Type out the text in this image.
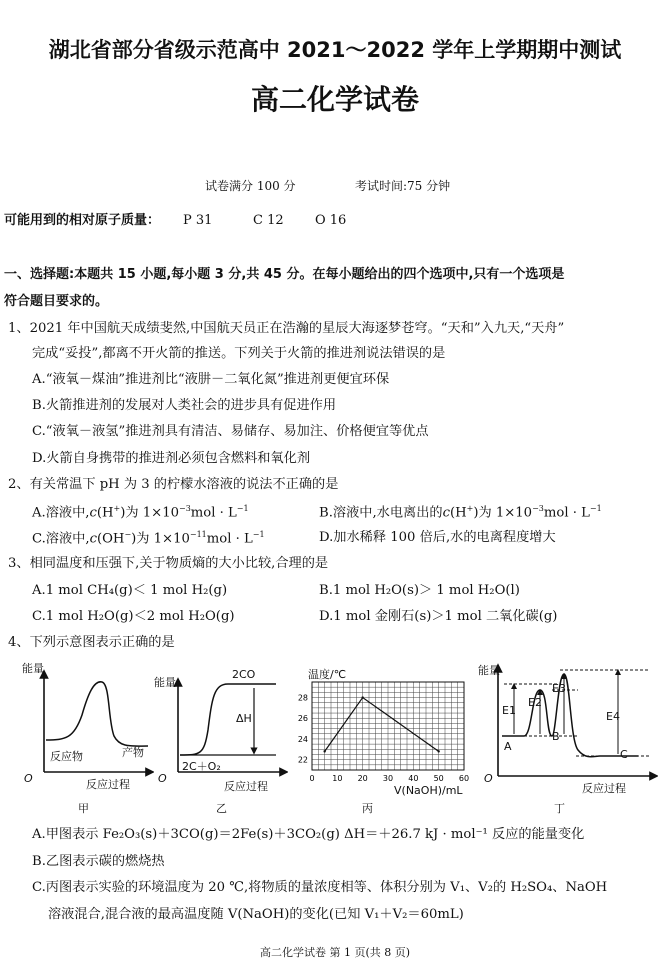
湖北省部分省级示范高中 2021～2022 学年上学期期中测试
高二化学试卷
试卷满分 100 分	考试时间:75 分钟
可能用到的相对原子质量： P 31	C 12 O 16
一、选择题:本题共 15 小题,每小题 3 分,共 45 分。在每小题给出的四个选项中,只有一个选项是
符合题目要求的。
1、2021 年中国航天成绩斐然,中国航天员正在浩瀚的星辰大海逐梦苍穹。“天和”入九天,“天舟”
完成“妥投”,都离不开火箭的推送。下列关于火箭的推进剂说法错误的是
A.“液氧－煤油”推进剂比“液肼－二氧化氮”推进剂更便宜环保
B.火箭推进剂的发展对人类社会的进步具有促进作用
C.“液氧－液氢”推进剂具有清洁、易储存、易加注、价格便宜等优点
D.火箭自身携带的推进剂必须包含燃料和氧化剂
2、有关常温下 pH 为 3 的柠檬水溶液的说法不正确的是
A.溶液中,c(H+)为 $1\times 10^{-3}mol \cdot L^{-1}$	B.溶液中,水电离出的c(H+)为 $1\times 10^{-3}mol \cdot L^{-1}$
C.溶液中,c(OH−)为 $1\times 10^{-11}mol \cdot L^{-1}$	D.加水稀释 100 倍后,水的电离程度增大
3、相同温度和压强下,关于物质熵的大小比较,合理的是
A.1 mol CH₄(g)＜ 1 mol H₂(g)	B.1 mol H₂O(s)＞ 1 mol H₂O(l)
C.1 mol H₂O(g)＜2 mol H₂O(g)	D.1 mol 金刚石(s)＞1 mol 二氧化碳(g)
4、下列示意图表示正确的是
能量
O
反应物	产物
反应过程
甲
能量
2CO
ΔH
2C＋O₂
O
反应过程
乙
0 10 20 30 40 50 60
22
24
26
28
温度/℃
V(NaOH)/mL
丙
能量
E1
E2
E3
E4
A
B
C
O
反应过程
丁
A.甲图表示 Fe₂O₃(s)＋3CO(g)＝2Fe(s)＋3CO₂(g) ΔH＝＋26.7 kJ · mol⁻¹ 反应的能量变化
B.乙图表示碳的燃烧热
C.丙图表示实验的环境温度为 20 ℃,将物质的量浓度相等、体积分别为 V₁、V₂的 H₂SO₄、NaOH
溶液混合,混合液的最高温度随 V(NaOH)的变化(已知 V₁＋V₂＝60mL)
高二化学试卷 第 1 页(共 8 页)
